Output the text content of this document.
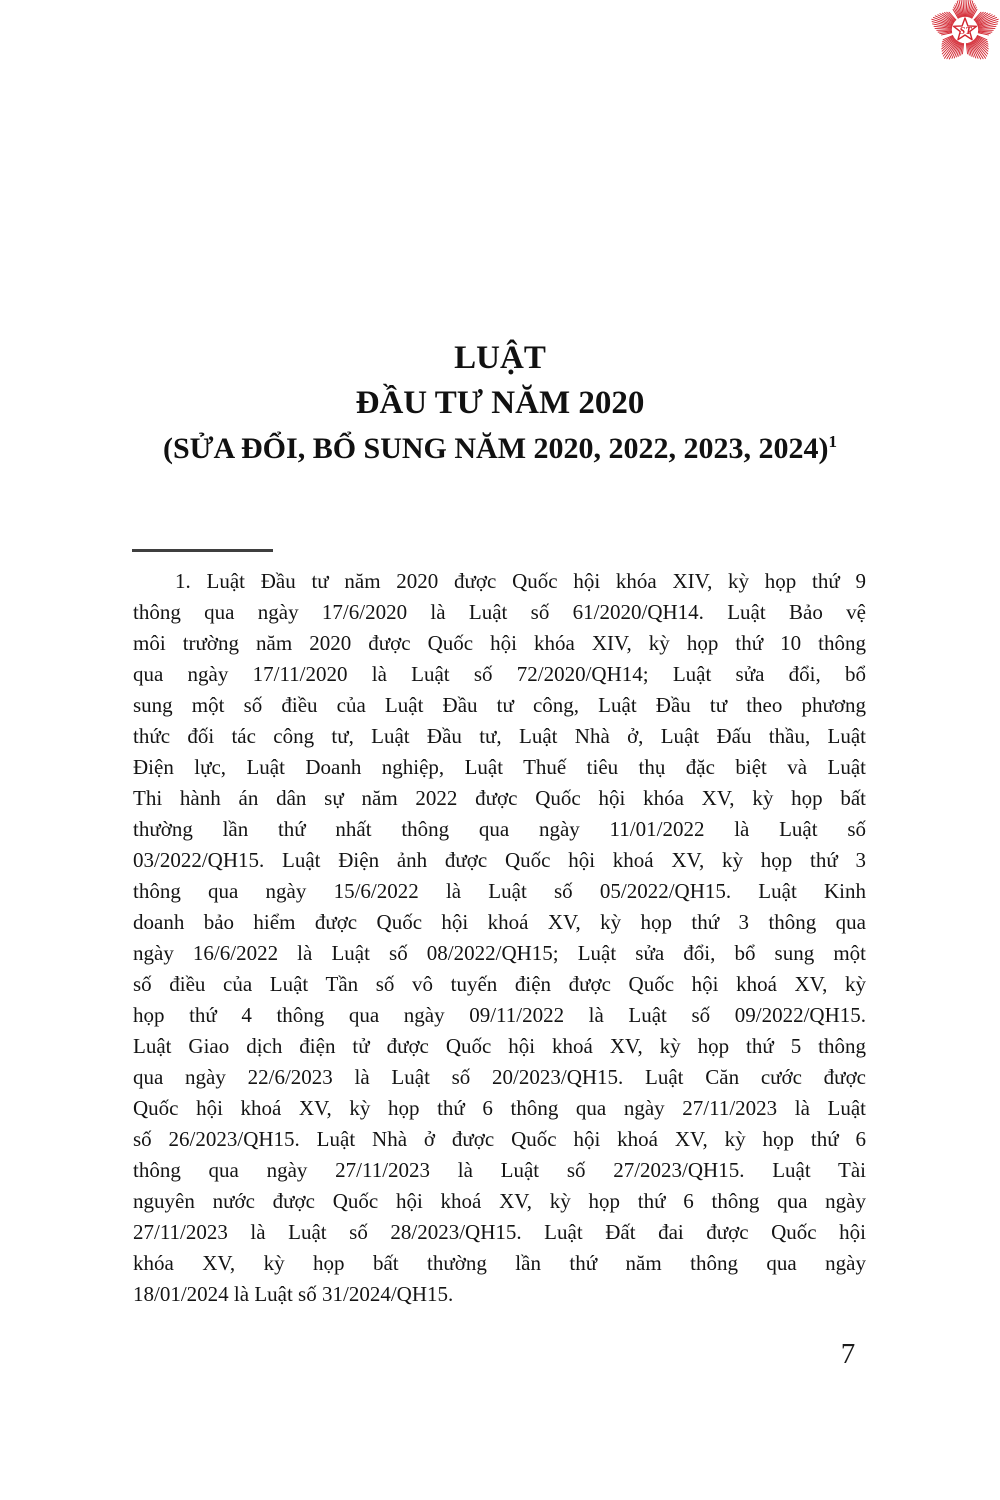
ST
LUẬT
ĐẦU TƯ NĂM 2020
(SỬA ĐỔI, BỔ SUNG NĂM 2020, 2022, 2023, 2024)$^1$
1. Luật Đầu tư năm 2020 được Quốc hội khóa XIV, kỳ họp thứ 9
thông qua ngày 17/6/2020 là Luật số 61/2020/QH14. Luật Bảo vệ
môi trường năm 2020 được Quốc hội khóa XIV, kỳ họp thứ 10 thông
qua ngày 17/11/2020 là Luật số 72/2020/QH14; Luật sửa đổi, bổ
sung một số điều của Luật Đầu tư công, Luật Đầu tư theo phương
thức đối tác công tư, Luật Đầu tư, Luật Nhà ở, Luật Đấu thầu, Luật
Điện lực, Luật Doanh nghiệp, Luật Thuế tiêu thụ đặc biệt và Luật
Thi hành án dân sự năm 2022 được Quốc hội khóa XV, kỳ họp bất
thường lần thứ nhất thông qua ngày 11/01/2022 là Luật số
03/2022/QH15. Luật Điện ảnh được Quốc hội khoá XV, kỳ họp thứ 3
thông qua ngày 15/6/2022 là Luật số 05/2022/QH15. Luật Kinh
doanh bảo hiểm được Quốc hội khoá XV, kỳ họp thứ 3 thông qua
ngày 16/6/2022 là Luật số 08/2022/QH15; Luật sửa đổi, bổ sung một
số điều của Luật Tần số vô tuyến điện được Quốc hội khoá XV, kỳ
họp thứ 4 thông qua ngày 09/11/2022 là Luật số 09/2022/QH15.
Luật Giao dịch điện tử được Quốc hội khoá XV, kỳ họp thứ 5 thông
qua ngày 22/6/2023 là Luật số 20/2023/QH15. Luật Căn cước được
Quốc hội khoá XV, kỳ họp thứ 6 thông qua ngày 27/11/2023 là Luật
số 26/2023/QH15. Luật Nhà ở được Quốc hội khoá XV, kỳ họp thứ 6
thông qua ngày 27/11/2023 là Luật số 27/2023/QH15. Luật Tài
nguyên nước được Quốc hội khoá XV, kỳ họp thứ 6 thông qua ngày
27/11/2023 là Luật số 28/2023/QH15. Luật Đất đai được Quốc hội
khóa XV, kỳ họp bất thường lần thứ năm thông qua ngày
18/01/2024 là Luật số 31/2024/QH15.
7
